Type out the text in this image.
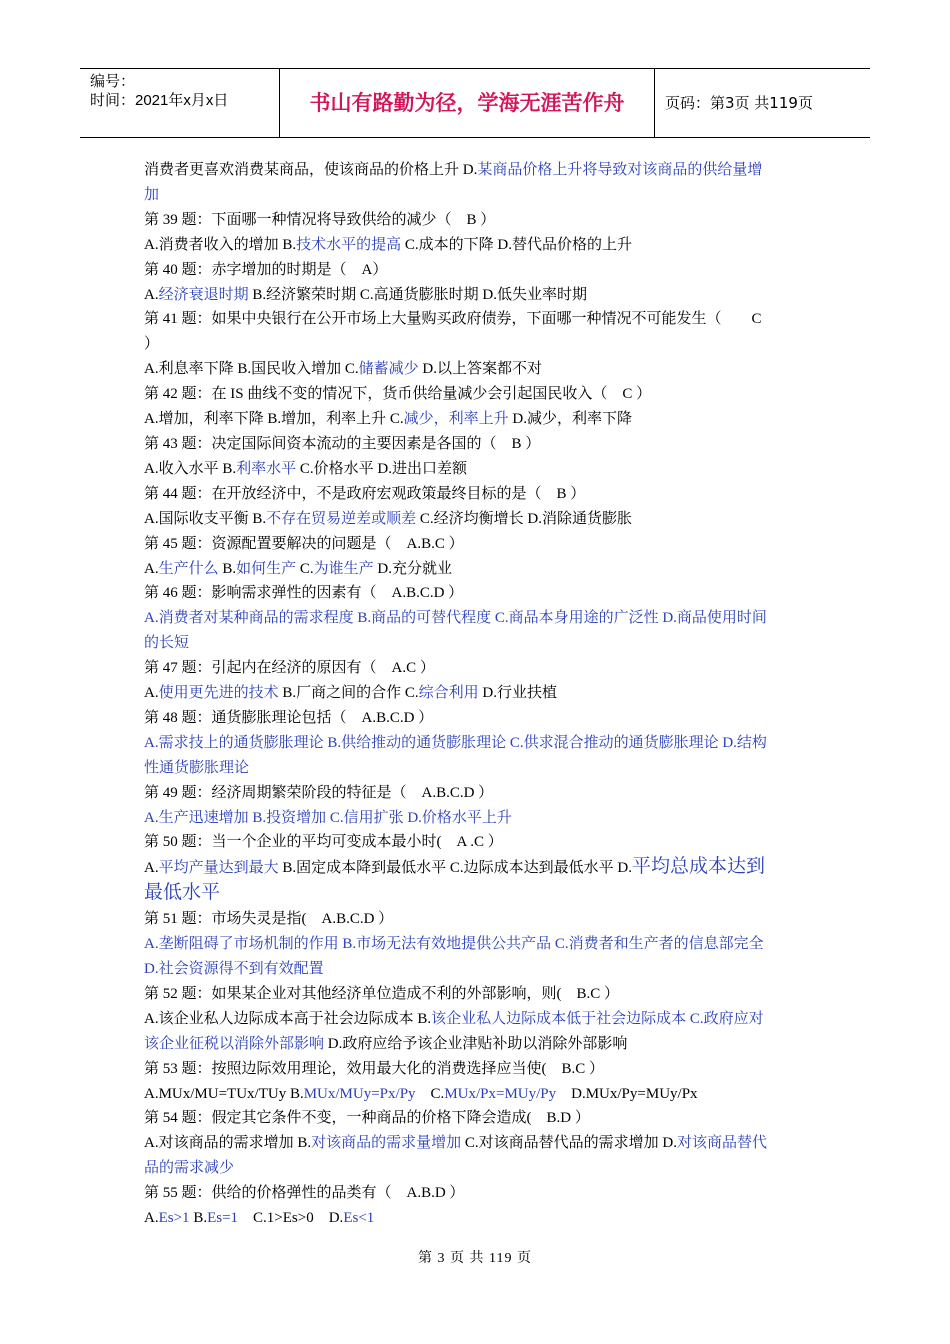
编号：
时间：2021年x月x日	书山有路勤为径，学海无涯苦作舟	页码：第3页 共119页
消费者更喜欢消费某商品，使该商品的价格上升 D.某商品价格上升将导致对该商品的供给量增
加
第 39 题：下面哪一种情况将导致供给的减少（　B ）
A.消费者收入的增加 B.技术水平的提高 C.成本的下降 D.替代品价格的上升
第 40 题：赤字增加的时期是（　A）
A.经济衰退时期 B.经济繁荣时期 C.高通货膨胀时期 D.低失业率时期
第 41 题：如果中央银行在公开市场上大量购买政府债券，下面哪一种情况不可能发生（　　C
）
A.利息率下降 B.国民收入增加 C.储蓄减少 D.以上答案都不对
第 42 题：在 IS 曲线不变的情况下，货币供给量减少会引起国民收入（　C ）
A.增加，利率下降 B.增加，利率上升 C.减少，利率上升 D.减少，利率下降
第 43 题：决定国际间资本流动的主要因素是各国的（　B ）
A.收入水平 B.利率水平 C.价格水平 D.进出口差额
第 44 题：在开放经济中，不是政府宏观政策最终目标的是（　B ）
A.国际收支平衡 B.不存在贸易逆差或顺差 C.经济均衡增长 D.消除通货膨胀
第 45 题：资源配置要解决的问题是（　A.B.C ）
A.生产什么 B.如何生产 C.为谁生产 D.充分就业
第 46 题：影响需求弹性的因素有（　A.B.C.D ）
A.消费者对某种商品的需求程度 B.商品的可替代程度 C.商品本身用途的广泛性 D.商品使用时间
的长短
第 47 题：引起内在经济的原因有（　A.C ）
A.使用更先进的技术 B.厂商之间的合作 C.综合利用 D.行业扶植
第 48 题：通货膨胀理论包括（　A.B.C.D ）
A.需求技上的通货膨胀理论 B.供给推动的通货膨胀理论 C.供求混合推动的通货膨胀理论 D.结构
性通货膨胀理论
第 49 题：经济周期繁荣阶段的特征是（　A.B.C.D ）
A.生产迅速增加 B.投资增加 C.信用扩张 D.价格水平上升
第 50 题：当一个企业的平均可变成本最小时(　A .C ）
A.平均产量达到最大 B.固定成本降到最低水平 C.边际成本达到最低水平 D.平均总成本达到
最低水平
第 51 题：市场失灵是指(　A.B.C.D ）
A.垄断阻碍了市场机制的作用 B.市场无法有效地提供公共产品 C.消费者和生产者的信息部完全
D.社会资源得不到有效配置
第 52 题：如果某企业对其他经济单位造成不利的外部影响，则(　B.C ）
A.该企业私人边际成本高于社会边际成本 B.该企业私人边际成本低于社会边际成本 C.政府应对
该企业征税以消除外部影响 D.政府应给予该企业津贴补助以消除外部影响
第 53 题：按照边际效用理论，效用最大化的消费选择应当使(　B.C ）
A.MUx/MU=TUx/TUy B.MUx/MUy=Px/Py　C.MUx/Px=MUy/Py　D.MUx/Py=MUy/Px
第 54 题：假定其它条件不变，一种商品的价格下降会造成(　B.D ）
A.对该商品的需求增加 B.对该商品的需求量增加 C.对该商品替代品的需求增加 D.对该商品替代
品的需求减少
第 55 题：供给的价格弹性的品类有（　A.B.D ）
A.Es>1 B.Es=1　C.1>Es>0　D.Es<1
第 3 页 共 119 页
